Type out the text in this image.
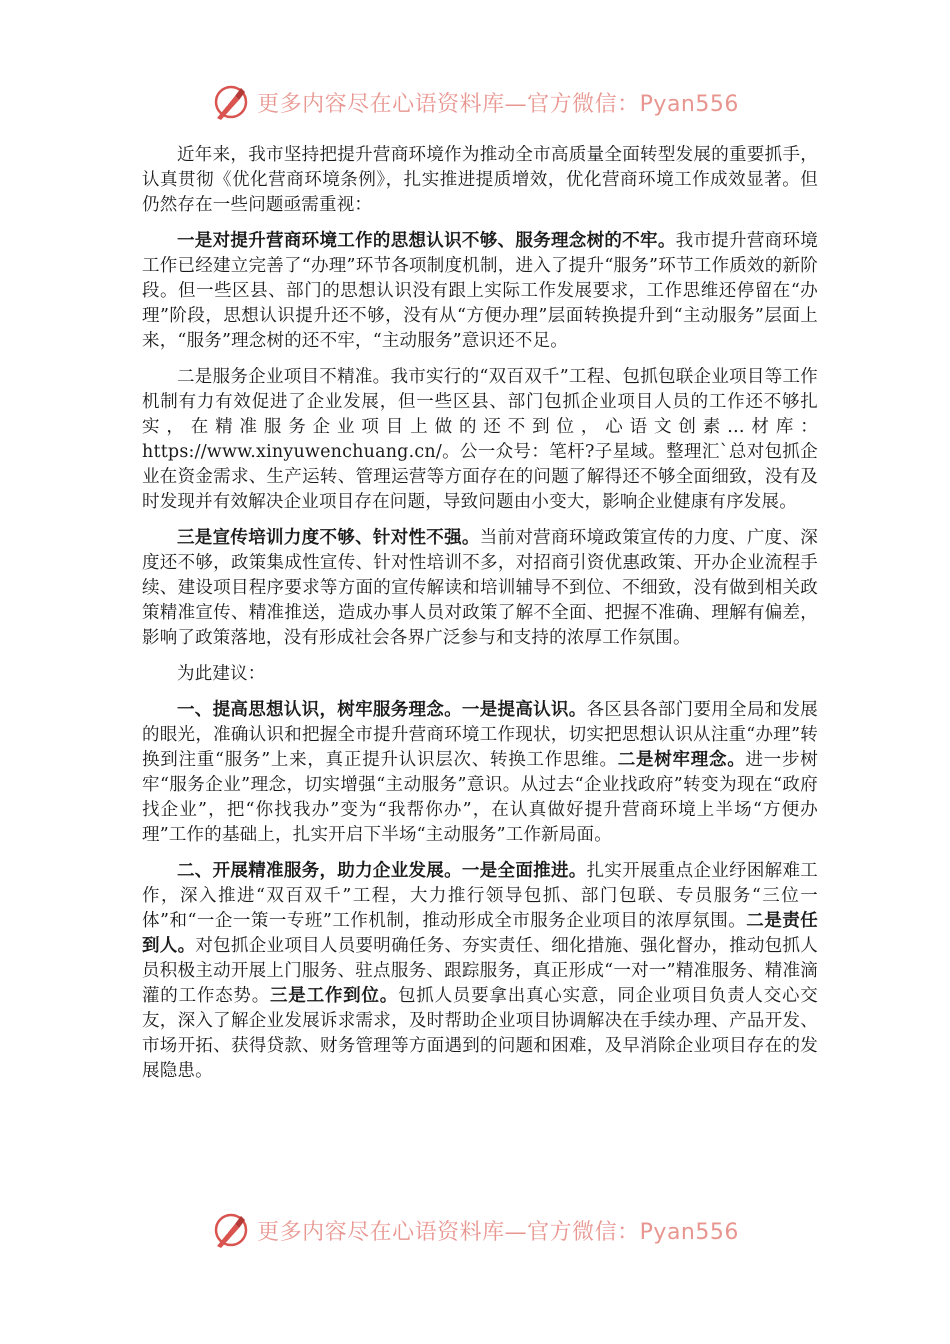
更多内容尽在心语资料库—官方微信：Pyan556

近年来，我市坚持把提升营商环境作为推动全市高质量全面转型发展的重要抓手，认真贯彻《优化营商环境条例》，扎实推进提质增效，优化营商环境工作成效显著。但仍然存在一些问题亟需重视：

一是对提升营商环境工作的思想认识不够、服务理念树的不牢。我市提升营商环境工作已经建立完善了“办理”环节各项制度机制，进入了提升“服务”环节工作质效的新阶段。但一些区县、部门的思想认识没有跟上实际工作发展要求，工作思维还停留在“办理”阶段，思想认识提升还不够，没有从“方便办理”层面转换提升到“主动服务”层面上来，“服务”理念树的还不牢，“主动服务”意识还不足。

二是服务企业项目不精准。我市实行的“双百双千”工程、包抓包联企业项目等工作机制有力有效促进了企业发展，但一些区县、部门包抓企业项目人员的工作还不够扎实，在精准服务企业项目上做的还不到位，心语文创素…材库：https://www.xinyuwenchuang.cn/。公一众号：笔杆?子星域。整理汇`总对包抓企业在资金需求、生产运转、管理运营等方面存在的问题了解得还不够全面细致，没有及时发现并有效解决企业项目存在问题，导致问题由小变大，影响企业健康有序发展。

三是宣传培训力度不够、针对性不强。当前对营商环境政策宣传的力度、广度、深度还不够，政策集成性宣传、针对性培训不多，对招商引资优惠政策、开办企业流程手续、建设项目程序要求等方面的宣传解读和培训辅导不到位、不细致，没有做到相关政策精准宣传、精准推送，造成办事人员对政策了解不全面、把握不准确、理解有偏差，影响了政策落地，没有形成社会各界广泛参与和支持的浓厚工作氛围。

为此建议：

一、提高思想认识，树牢服务理念。一是提高认识。各区县各部门要用全局和发展的眼光，准确认识和把握全市提升营商环境工作现状，切实把思想认识从注重“办理”转换到注重“服务”上来，真正提升认识层次、转换工作思维。二是树牢理念。进一步树牢“服务企业”理念，切实增强“主动服务”意识。从过去“企业找政府”转变为现在“政府找企业”，把“你找我办”变为“我帮你办”，在认真做好提升营商环境上半场“方便办理”工作的基础上，扎实开启下半场“主动服务”工作新局面。

二、开展精准服务，助力企业发展。一是全面推进。扎实开展重点企业纾困解难工作，深入推进“双百双千”工程，大力推行领导包抓、部门包联、专员服务“三位一体”和“一企一策一专班”工作机制，推动形成全市服务企业项目的浓厚氛围。二是责任到人。对包抓企业项目人员要明确任务、夯实责任、细化措施、强化督办，推动包抓人员积极主动开展上门服务、驻点服务、跟踪服务，真正形成“一对一”精准服务、精准滴灌的工作态势。三是工作到位。包抓人员要拿出真心实意，同企业项目负责人交心交友，深入了解企业发展诉求需求，及时帮助企业项目协调解决在手续办理、产品开发、市场开拓、获得贷款、财务管理等方面遇到的问题和困难，及早消除企业项目存在的发展隐患。

更多内容尽在心语资料库—官方微信：Pyan556
